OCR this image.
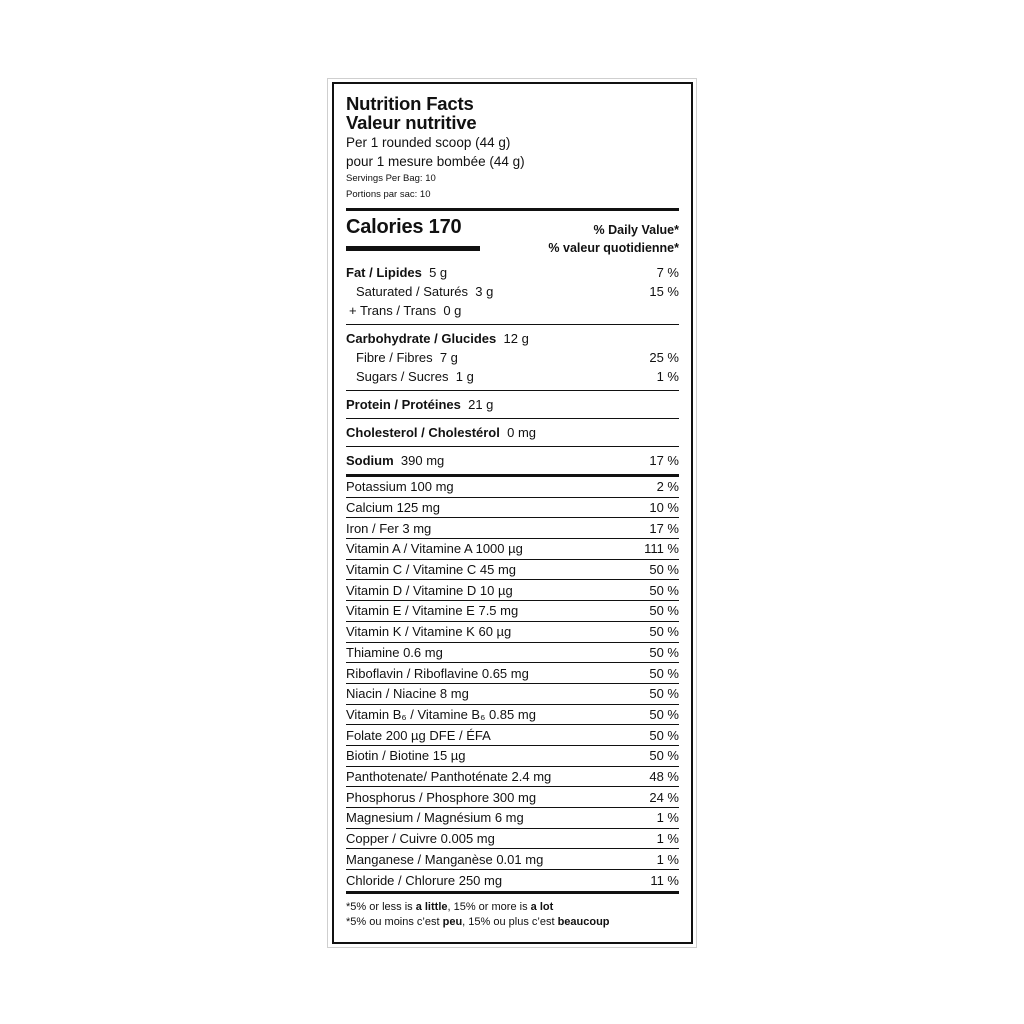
Nutrition Facts
Valeur nutritive
Per 1 rounded scoop (44 g)
pour 1 mesure bombée (44 g)
Servings Per Bag: 10
Portions par sac: 10
Calories 170	% Daily Value*
% valeur quotidienne*
Fat / Lipides 5 g	7 %
Saturated / Saturés 3 g	15 %
+ Trans / Trans 0 g
Carbohydrate / Glucides 12 g
Fibre / Fibres 7 g	25 %
Sugars / Sucres 1 g	1 %
Protein / Protéines 21 g
Cholesterol / Cholestérol 0 mg
Sodium 390 mg	17 %
Potassium 100 mg	2 %
Calcium 125 mg	10 %
Iron / Fer 3 mg	17 %
Vitamin A / Vitamine A 1000 µg	111 %
Vitamin C / Vitamine C 45 mg	50 %
Vitamin D / Vitamine D 10 µg	50 %
Vitamin E / Vitamine E 7.5 mg	50 %
Vitamin K / Vitamine K 60 µg	50 %
Thiamine 0.6 mg	50 %
Riboflavin / Riboflavine 0.65 mg	50 %
Niacin / Niacine 8 mg	50 %
Vitamin B₆ / Vitamine B₆ 0.85 mg	50 %
Folate 200 µg DFE / ÉFA	50 %
Biotin / Biotine 15 µg	50 %
Panthotenate/ Panthoténate 2.4 mg	48 %
Phosphorus / Phosphore 300 mg	24 %
Magnesium / Magnésium 6 mg	1 %
Copper / Cuivre 0.005 mg	1 %
Manganese / Manganèse 0.01 mg	1 %
Chloride / Chlorure 250 mg	11 %
*5% or less is a little, 15% or more is a lot
*5% ou moins c’est peu, 15% ou plus c’est beaucoup
